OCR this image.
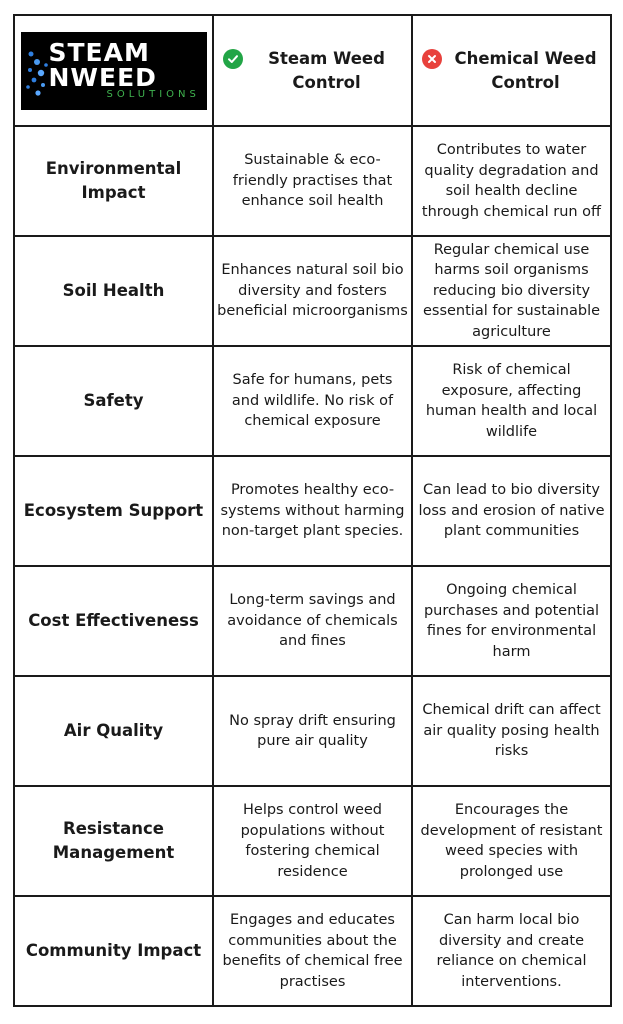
STEAM
NWEED
SOLUTIONS	Steam Weed Control	Chemical Weed Control

Environmental Impact	Sustainable & eco-friendly practises that enhance soil health	Contributes to water quality degradation and soil health decline through chemical run off
Soil Health	Enhances natural soil bio diversity and fosters beneficial microorganisms	Regular chemical use harms soil organisms reducing bio diversity essential for sustainable agriculture
Safety	Safe for humans, pets and wildlife. No risk of chemical exposure	Risk of chemical exposure, affecting human health and local wildlife
Ecosystem Support	Promotes healthy eco-systems without harming non-target plant species.	Can lead to bio diversity loss and erosion of native plant communities
Cost Effectiveness	Long-term savings and avoidance of chemicals and fines	Ongoing chemical purchases and potential fines for environmental harm
Air Quality	No spray drift ensuring pure air quality	Chemical drift can affect air quality posing health risks
Resistance Management	Helps control weed populations without fostering chemical residence	Encourages the development of resistant weed species with prolonged use
Community Impact	Engages and educates communities about the benefits of chemical free practises	Can harm local bio diversity and create reliance on chemical interventions.
